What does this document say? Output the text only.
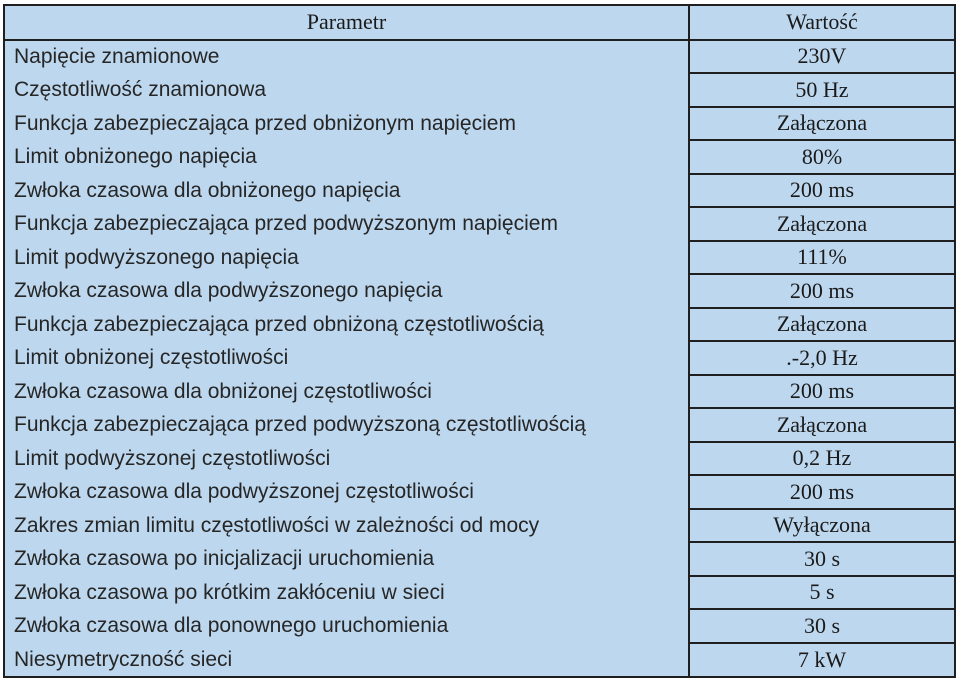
Parametr	Wartość
Napięcie znamionowe	230V
Częstotliwość znamionowa	50 Hz
Funkcja zabezpieczająca przed obniżonym napięciem	Załączona
Limit obniżonego napięcia	80%
Zwłoka czasowa dla obniżonego napięcia	200 ms
Funkcja zabezpieczająca przed podwyższonym napięciem	Załączona
Limit podwyższonego napięcia	111%
Zwłoka czasowa dla podwyższonego napięcia	200 ms
Funkcja zabezpieczająca przed obniżoną częstotliwością	Załączona
Limit obniżonej częstotliwości	.-2,0 Hz
Zwłoka czasowa dla obniżonej częstotliwości	200 ms
Funkcja zabezpieczająca przed podwyższoną częstotliwością	Załączona
Limit podwyższonej częstotliwości	0,2 Hz
Zwłoka czasowa dla podwyższonej częstotliwości	200 ms
Zakres zmian limitu częstotliwości w zależności od mocy	Wyłączona
Zwłoka czasowa po inicjalizacji uruchomienia	30 s
Zwłoka czasowa po krótkim zakłóceniu w sieci	5 s
Zwłoka czasowa dla ponownego uruchomienia	30 s
Niesymetryczność sieci	7 kW
